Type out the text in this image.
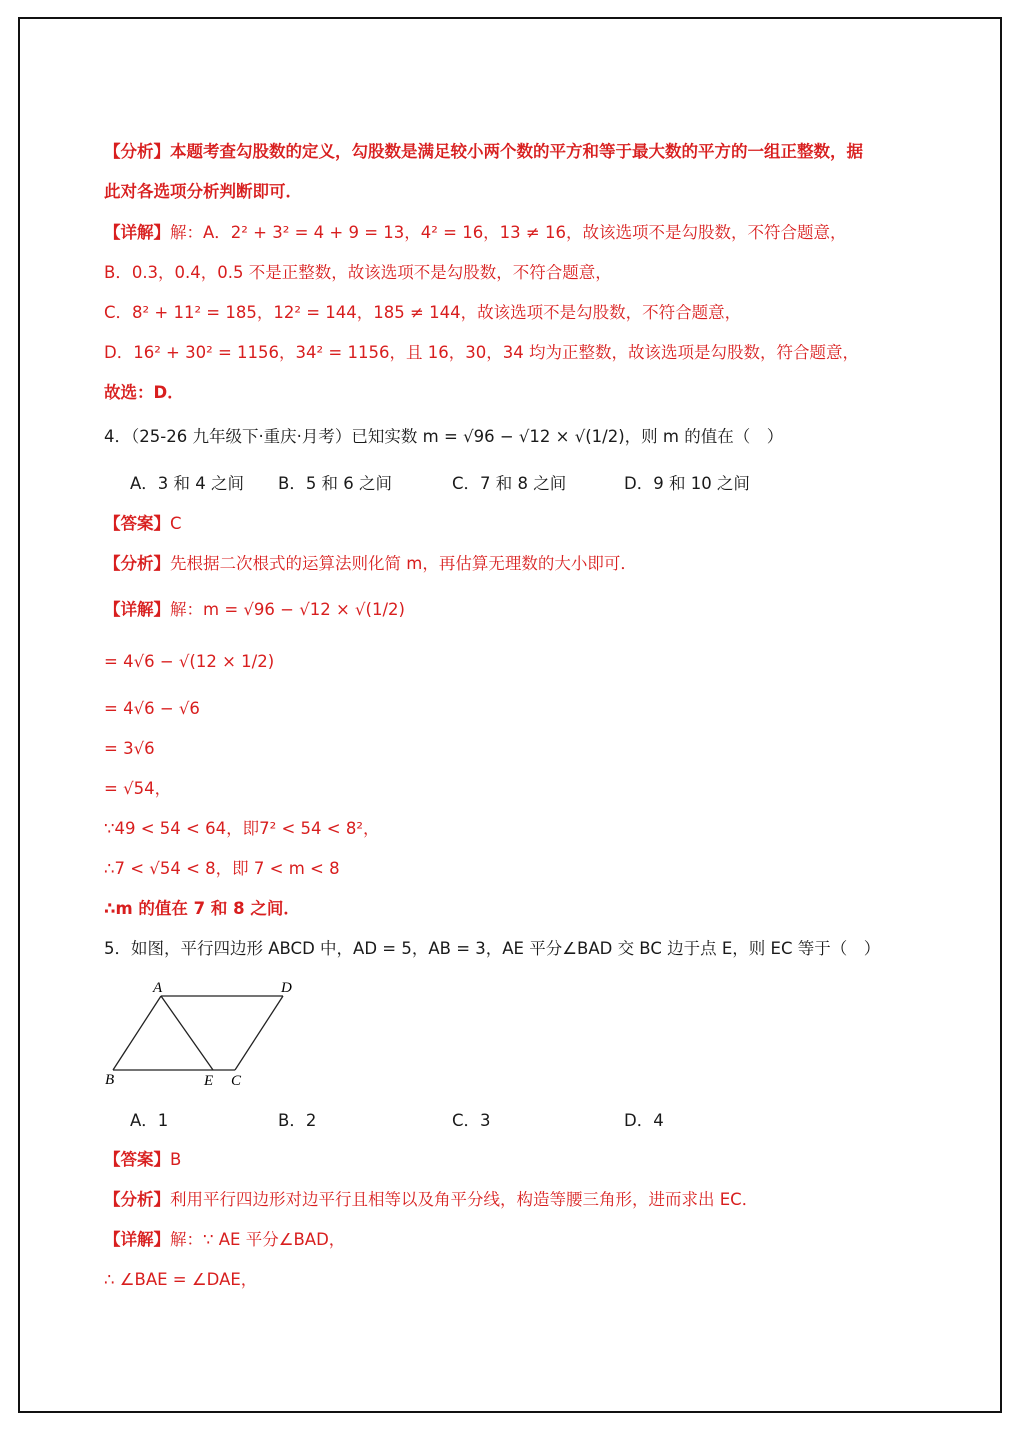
【分析】本题考查勾股数的定义，勾股数是满足较小两个数的平方和等于最大数的平方的一组正整数，据
此对各选项分析判断即可．
【详解】解：A．2² + 3² = 4 + 9 = 13，4² = 16，13 ≠ 16，故该选项不是勾股数，不符合题意，
B．0.3，0.4，0.5 不是正整数，故该选项不是勾股数，不符合题意，
C．8² + 11² = 185，12² = 144，185 ≠ 144，故该选项不是勾股数，不符合题意，
D．16² + 30² = 1156，34² = 1156，且 16，30，34 均为正整数，故该选项是勾股数，符合题意，
故选：D．
4．（25-26 九年级下·重庆·月考）已知实数 m = √96 − √12 × √(1/2)，则 m 的值在（　）
A．3 和 4 之间 B．5 和 6 之间	C．7 和 8 之间	D．9 和 10 之间
【答案】C
【分析】先根据二次根式的运算法则化简 m，再估算无理数的大小即可．
【详解】解：m = √96 − √12 × √(1/2)
= 4√6 − √(12 × 1/2)
= 4√6 − √6
= 3√6
= √54，
∵49 < 54 < 64，即7² < 54 < 8²，
∴7 < √54 < 8，即 7 < m < 8
∴m 的值在 7 和 8 之间．
5．如图，平行四边形 ABCD 中，AD = 5，AB = 3，AE 平分∠BAD 交 BC 边于点 E，则 EC 等于（　）
A	D
B	E C
A．1	B．2	C．3	D．4
【答案】B
【分析】利用平行四边形对边平行且相等以及角平分线，构造等腰三角形，进而求出 EC．
【详解】解：∵ AE 平分∠BAD，
∴ ∠BAE = ∠DAE，
